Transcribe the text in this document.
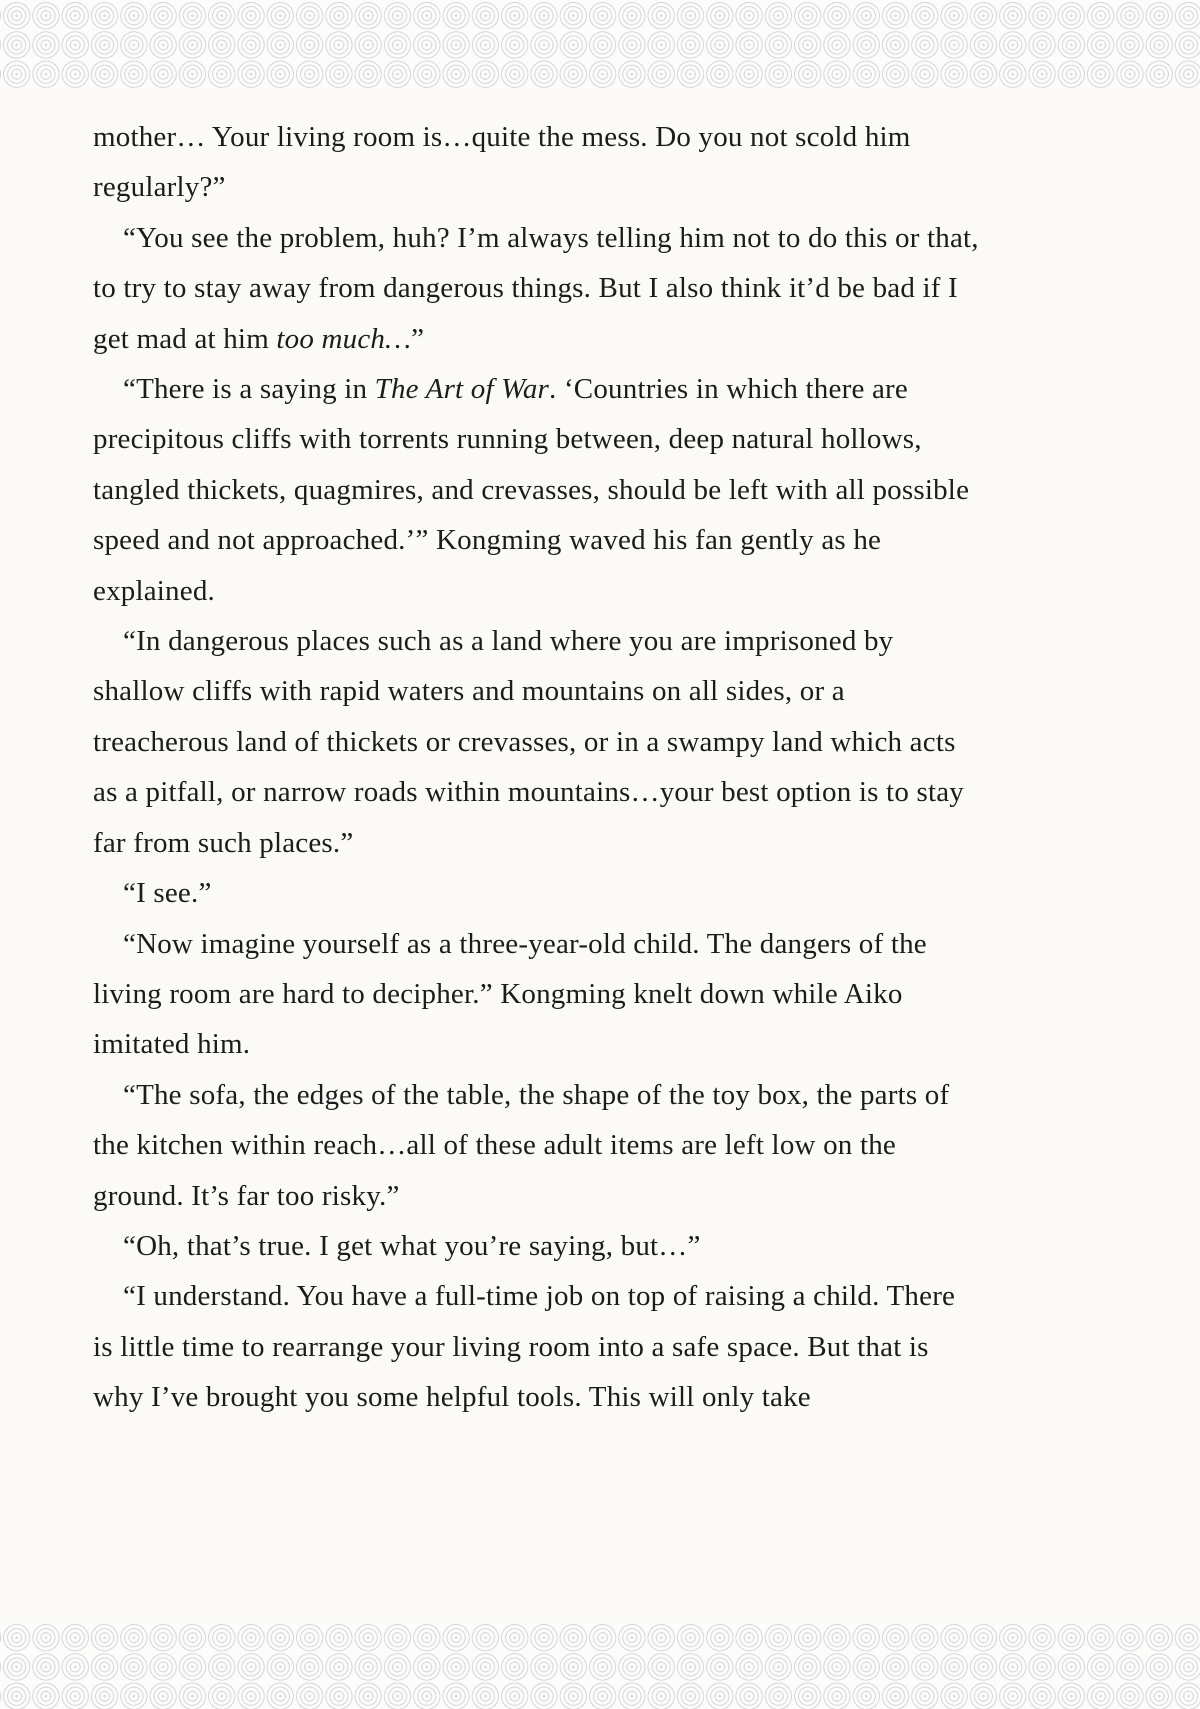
mother… Your living room is…quite the mess. Do you not scold him regularly?”

“You see the problem, huh? I’m always telling him not to do this or that, to try to stay away from dangerous things. But I also think it’d be bad if I get mad at him too much…”

“There is a saying in The Art of War. ‘Countries in which there are precipitous cliffs with torrents running between, deep natural hollows, tangled thickets, quagmires, and crevasses, should be left with all possible speed and not approached.’” Kongming waved his fan gently as he explained.

“In dangerous places such as a land where you are imprisoned by shallow cliffs with rapid waters and mountains on all sides, or a treacherous land of thickets or crevasses, or in a swampy land which acts as a pitfall, or narrow roads within mountains…your best option is to stay far from such places.”

“I see.”

“Now imagine yourself as a three-year-old child. The dangers of the living room are hard to decipher.” Kongming knelt down while Aiko imitated him.

“The sofa, the edges of the table, the shape of the toy box, the parts of the kitchen within reach…all of these adult items are left low on the ground. It’s far too risky.”

“Oh, that’s true. I get what you’re saying, but…”

“I understand. You have a full-time job on top of raising a child. There is little time to rearrange your living room into a safe space. But that is why I’ve brought you some helpful tools. This will only take
